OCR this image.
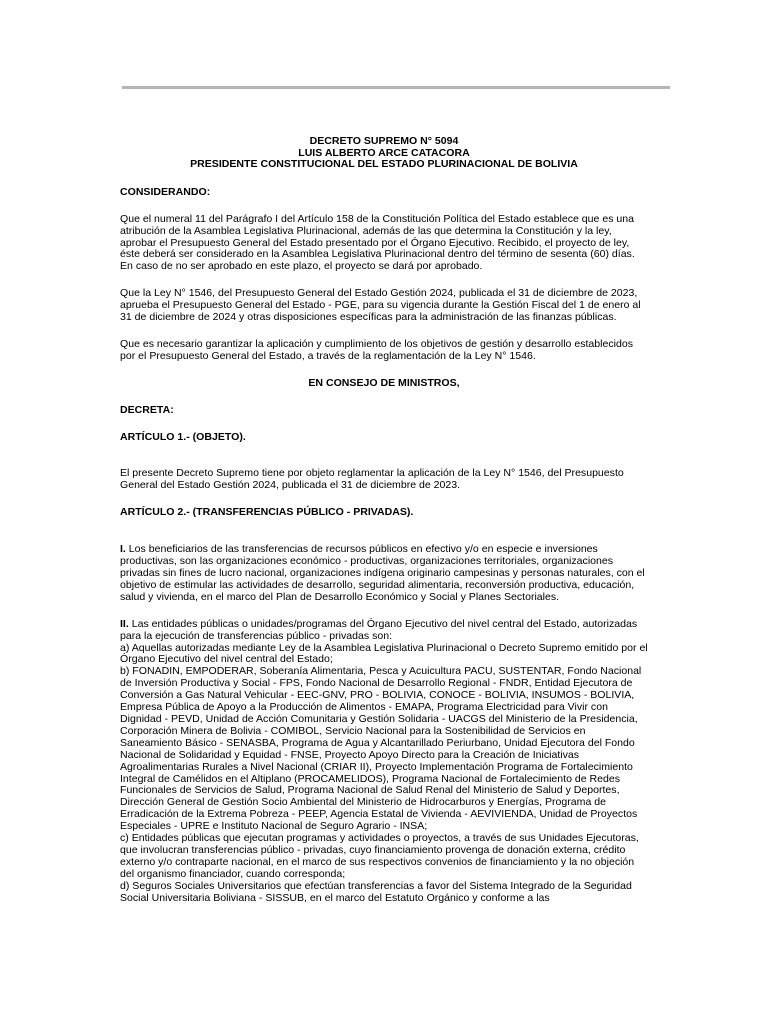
DECRETO SUPREMO N° 5094
LUIS ALBERTO ARCE CATACORA
PRESIDENTE CONSTITUCIONAL DEL ESTADO PLURINACIONAL DE BOLIVIA
CONSIDERANDO:

Que el numeral 11 del Parágrafo I del Artículo 158 de la Constitución Política del Estado establece que es una atribución de la Asamblea Legislativa Plurinacional, además de las que determina la Constitución y la ley, aprobar el Presupuesto General del Estado presentado por el Órgano Ejecutivo. Recibido, el proyecto de ley, éste deberá ser considerado en la Asamblea Legislativa Plurinacional dentro del término de sesenta (60) días. En caso de no ser aprobado en este plazo, el proyecto se dará por aprobado.

Que la Ley N° 1546, del Presupuesto General del Estado Gestión 2024, publicada el 31 de diciembre de 2023, aprueba el Presupuesto General del Estado - PGE, para su vigencia durante la Gestión Fiscal del 1 de enero al 31 de diciembre de 2024 y otras disposiciones específicas para la administración de las finanzas públicas.

Que es necesario garantizar la aplicación y cumplimiento de los objetivos de gestión y desarrollo establecidos por el Presupuesto General del Estado, a través de la reglamentación de la Ley N° 1546.

EN CONSEJO DE MINISTROS,
DECRETA:
ARTÍCULO 1.- (OBJETO).

El presente Decreto Supremo tiene por objeto reglamentar la aplicación de la Ley N° 1546, del Presupuesto General del Estado Gestión 2024, publicada el 31 de diciembre de 2023.

ARTÍCULO 2.- (TRANSFERENCIAS PÚBLICO - PRIVADAS).

I. Los beneficiarios de las transferencias de recursos públicos en efectivo y/o en especie e inversiones productivas, son las organizaciones económico - productivas, organizaciones territoriales, organizaciones privadas sin fines de lucro nacional, organizaciones indígena originario campesinas y personas naturales, con el objetivo de estimular las actividades de desarrollo, seguridad alimentaria, reconversión productiva, educación, salud y vivienda, en el marco del Plan de Desarrollo Económico y Social y Planes Sectoriales.

II. Las entidades públicas o unidades/programas del Órgano Ejecutivo del nivel central del Estado, autorizadas para la ejecución de transferencias público - privadas son:

a) Aquellas autorizadas mediante Ley de la Asamblea Legislativa Plurinacional o Decreto Supremo emitido por el Órgano Ejecutivo del nivel central del Estado;

b) FONADIN, EMPODERAR, Soberanía Alimentaria, Pesca y Acuicultura PACU, SUSTENTAR, Fondo Nacional de Inversión Productiva y Social - FPS, Fondo Nacional de Desarrollo Regional - FNDR, Entidad Ejecutora de Conversión a Gas Natural Vehicular - EEC-GNV, PRO - BOLIVIA, CONOCE - BOLIVIA, INSUMOS - BOLIVIA, Empresa Pública de Apoyo a la Producción de Alimentos - EMAPA, Programa Electricidad para Vivir con Dignidad - PEVD, Unidad de Acción Comunitaria y Gestión Solidaria - UACGS del Ministerio de la Presidencia, Corporación Minera de Bolivia - COMIBOL, Servicio Nacional para la Sostenibilidad de Servicios en Saneamiento Básico - SENASBA, Programa de Agua y Alcantarillado Periurbano, Unidad Ejecutora del Fondo Nacional de Solidaridad y Equidad - FNSE, Proyecto Apoyo Directo para la Creación de Iniciativas Agroalimentarias Rurales a Nivel Nacional (CRIAR II), Proyecto Implementación Programa de Fortalecimiento Integral de Camélidos en el Altiplano (PROCAMELIDOS), Programa Nacional de Fortalecimiento de Redes Funcionales de Servicios de Salud, Programa Nacional de Salud Renal del Ministerio de Salud y Deportes, Dirección General de Gestión Socio Ambiental del Ministerio de Hidrocarburos y Energías, Programa de Erradicación de la Extrema Pobreza - PEEP, Agencia Estatal de Vivienda - AEVIVIENDA, Unidad de Proyectos Especiales - UPRE e Instituto Nacional de Seguro Agrario - INSA;

c) Entidades públicas que ejecutan programas y actividades o proyectos, a través de sus Unidades Ejecutoras, que involucran transferencias público - privadas, cuyo financiamiento provenga de donación externa, crédito externo y/o contraparte nacional, en el marco de sus respectivos convenios de financiamiento y la no objeción del organismo financiador, cuando corresponda;

d) Seguros Sociales Universitarios que efectúan transferencias a favor del Sistema Integrado de la Seguridad Social Universitaria Boliviana - SISSUB, en el marco del Estatuto Orgánico y conforme a las
